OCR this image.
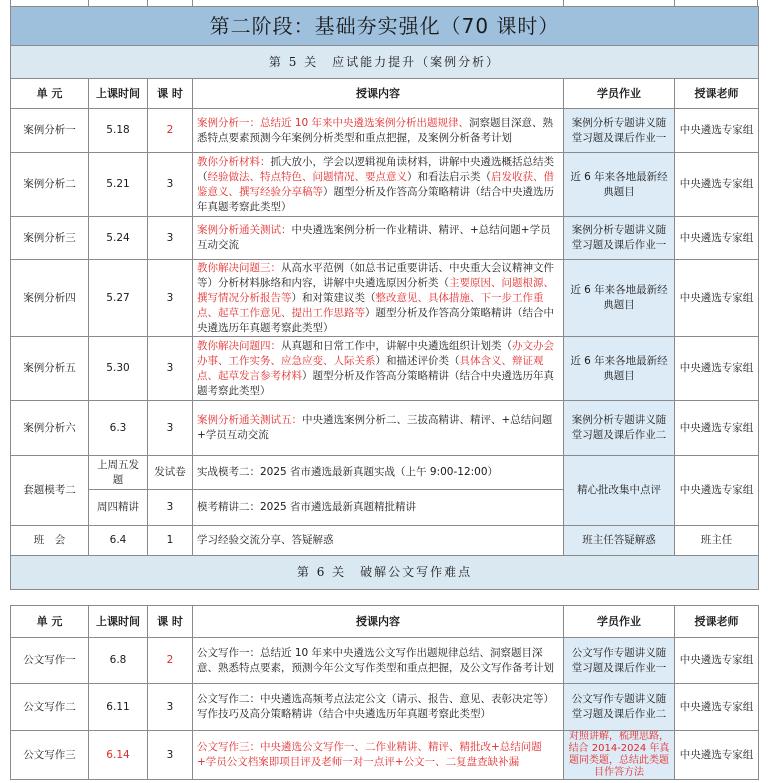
第二阶段：基础夯实强化（70 课时）					
第 5 关　应试能力提升（案例分析）					
单 元	上课时间	课 时	授课内容	学员作业	授课老师
案例分析一	5.18	2	案例分析一：总结近 10 年来中央遴选案例分析出题规律、洞察题目深意、熟悉特点要素预测今年案例分析类型和重点把握，及案例分析备考计划	案例分析专题讲义随堂习题及课后作业一	中央遴选专家组
案例分析二	5.21	3	教你分析材料：抓大放小，学会以逻辑视角读材料，讲解中央遴选概括总结类（经验做法、特点特色、问题情况、要点意义）和看法启示类（启发收获、借鉴意义、撰写经验分享稿等）题型分析及作答高分策略精讲（结合中央遴选历年真题考察此类型）	近 6 年来各地最新经典题目	中央遴选专家组
案例分析三	5.24	3	案例分析通关测试：中央遴选案例分析一作业精讲、精评、+总结问题+学员互动交流	案例分析专题讲义随堂习题及课后作业一	中央遴选专家组
案例分析四	5.27	3	教你解决问题三：从高水平范例（如总书记重要讲话、中央重大会议精神文件等）分析材料脉络和内容，讲解中央遴选原因分析类（主要原因、问题根源、撰写情况分析报告等）和对策建议类（整改意见、具体措施、下一步工作重点、起草工作意见、提出工作思路等）题型分析及作答高分策略精讲（结合中央遴选历年真题考察此类型）	近 6 年来各地最新经典题目	中央遴选专家组
案例分析五	5.30	3	教你解决问题四：从真题和日常工作中，讲解中央遴选组织计划类（办文办会办事、工作实务、应急应变、人际关系）和描述评价类（具体含义、辩证观点、起草发言参考材料）题型分析及作答高分策略精讲（结合中央遴选历年真题考察此类型）	近 6 年来各地最新经典题目	中央遴选专家组
案例分析六	6.3	3	案例分析通关测试五：中央遴选案例分析二、三拔高精讲、精评、+总结问题+学员互动交流	案例分析专题讲义随堂习题及课后作业二	中央遴选专家组
套题模考二	上周五发题	发试卷	实战模考二：2025 省市遴选最新真题实战（上午 9:00-12:00）	精心批改集中点评	中央遴选专家组
	周四精讲	3	模考精讲二：2025 省市遴选最新真题精批精讲		
班　会	6.4	1	学习经验交流分享、答疑解惑	班主任答疑解惑	班主任
第 6 关　破解公文写作难点					
单 元	上课时间	课 时	授课内容	学员作业	授课老师
公文写作一	6.8	2	公文写作一：总结近 10 年来中央遴选公文写作出题规律总结、洞察题目深意、熟悉特点要素，预测今年公文写作类型和重点把握，及公文写作备考计划	公文写作专题讲义随堂习题及课后作业一	中央遴选专家组
公文写作二	6.11	3	公文写作二：中央遴选高频考点法定公文（请示、报告、意见、表彰决定等）写作技巧及高分策略精讲（结合中央遴选历年真题考察此类型）	公文写作专题讲义随堂习题及课后作业二	中央遴选专家组
公文写作三	6.14	3	公文写作三：中央遴选公文写作一、二作业精讲、精评、精批改+总结问题+学员公文档案即项目评及老师一对一点评+公文一、二复盘查缺补漏	对照讲解，梳理思路，结合 2014-2024 年真题同类题，总结此类题目作答方法	中央遴选专家组
